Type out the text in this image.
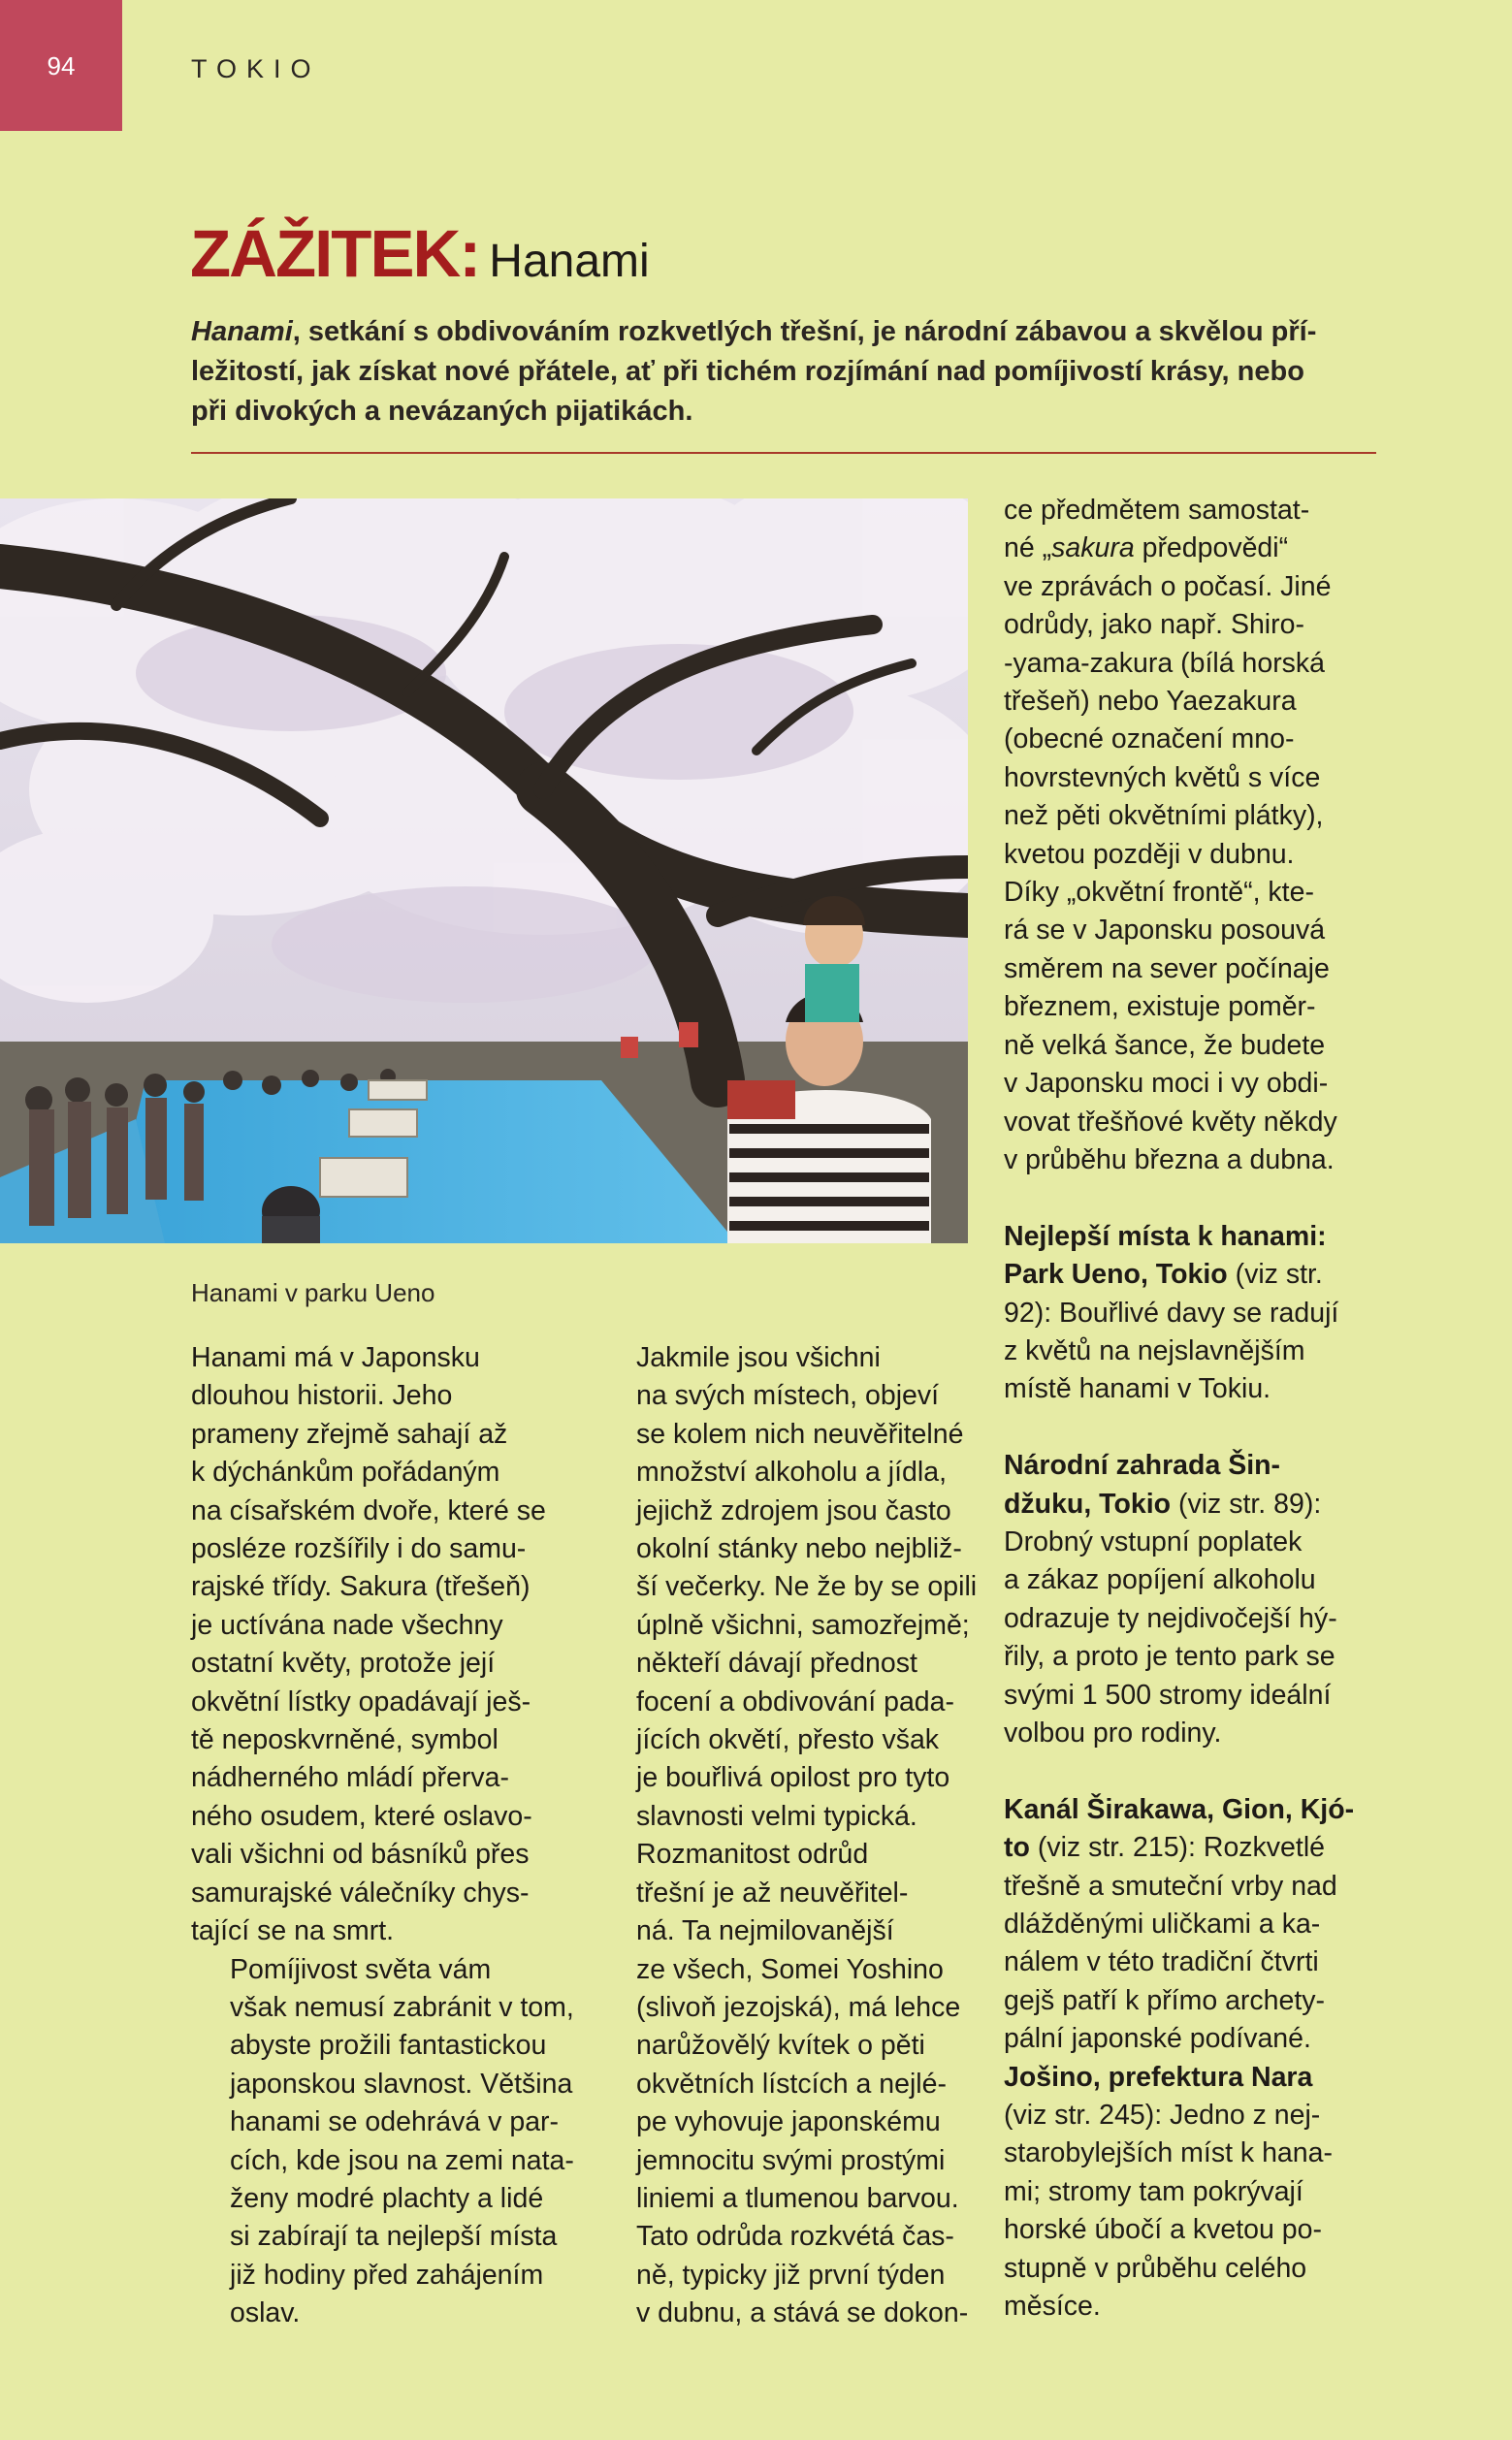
94	TOKIO
ZÁŽITEK: Hanami
Hanami, setkání s obdivováním rozkvetlých třešní, je národní zábavou a skvělou pří-
ležitostí, jak získat nové přátele, ať při tichém rozjímání nad pomíjivostí krásy, nebo
při divokých a nevázaných pijatikách.
Hanami v parku Ueno

Hanami má v Japonsku
dlouhou historii. Jeho
prameny zřejmě sahají až
k dýchánkům pořádaným
na císařském dvoře, které se
posléze rozšířily i do samu-
rajské třídy. Sakura (třešeň)
je uctívána nade všechny
ostatní květy, protože její
okvětní lístky opadávají ješ-
tě neposkvrněné, symbol
nádherného mládí přerva-
ného osudem, které oslavo-
vali všichni od básníků přes
samurajské válečníky chys-
tající se na smrt.

Pomíjivost světa vám
však nemusí zabránit v tom,
abyste prožili fantastickou
japonskou slavnost. Většina
hanami se odehrává v par-
cích, kde jsou na zemi nata-
ženy modré plachty a lidé
si zabírají ta nejlepší místa
již hodiny před zahájením
oslav.

Jakmile jsou všichni
na svých místech, objeví
se kolem nich neuvěřitelné
množství alkoholu a jídla,
jejichž zdrojem jsou často
okolní stánky nebo nejbliž-
ší večerky. Ne že by se opili
úplně všichni, samozřejmě;
někteří dávají přednost
focení a obdivování pada-
jících okvětí, přesto však
je bouřlivá opilost pro tyto
slavnosti velmi typická.

Rozmanitost odrůd
třešní je až neuvěřitel-
ná. Ta nejmilovanější
ze všech, Somei Yoshino
(slivoň jezojská), má lehce
narůžovělý kvítek o pěti
okvětních lístcích a nejlé-
pe vyhovuje japonskému
jemnocitu svými prostými
liniemi a tlumenou barvou.
Tato odrůda rozkvétá čas-
ně, typicky již první týden
v dubnu, a stává se dokon-

ce předmětem samostat-
né „sakura předpovědi“
ve zprávách o počasí. Jiné
odrůdy, jako např. Shiro-
-yama-zakura (bílá horská
třešeň) nebo Yaezakura
(obecné označení mno-
hovrstevných květů s více
než pěti okvětními plátky),
kvetou později v dubnu.
Díky „okvětní frontě“, kte-
rá se v Japonsku posouvá
směrem na sever počínaje
březnem, existuje poměr-
ně velká šance, že budete
v Japonsku moci i vy obdi-
vovat třešňové květy někdy
v průběhu března a dubna.

Nejlepší místa k hanami:
Park Ueno, Tokio (viz str.
92): Bouřlivé davy se radují
z květů na nejslavnějším
místě hanami v Tokiu.

Národní zahrada Šin-
džuku, Tokio (viz str. 89):
Drobný vstupní poplatek
a zákaz popíjení alkoholu
odrazuje ty nejdivočejší hý-
řily, a proto je tento park se
svými 1 500 stromy ideální
volbou pro rodiny.

Kanál Širakawa, Gion, Kjó-
to (viz str. 215): Rozkvetlé
třešně a smuteční vrby nad
dlážděnými uličkami a ka-
nálem v této tradiční čtvrti
gejš patří k přímo archety-
pální japonské podívané.
Jošino, prefektura Nara
(viz str. 245): Jedno z nej-
starobylejších míst k hana-
mi; stromy tam pokrývají
horské úbočí a kvetou po-
stupně v průběhu celého
měsíce.
